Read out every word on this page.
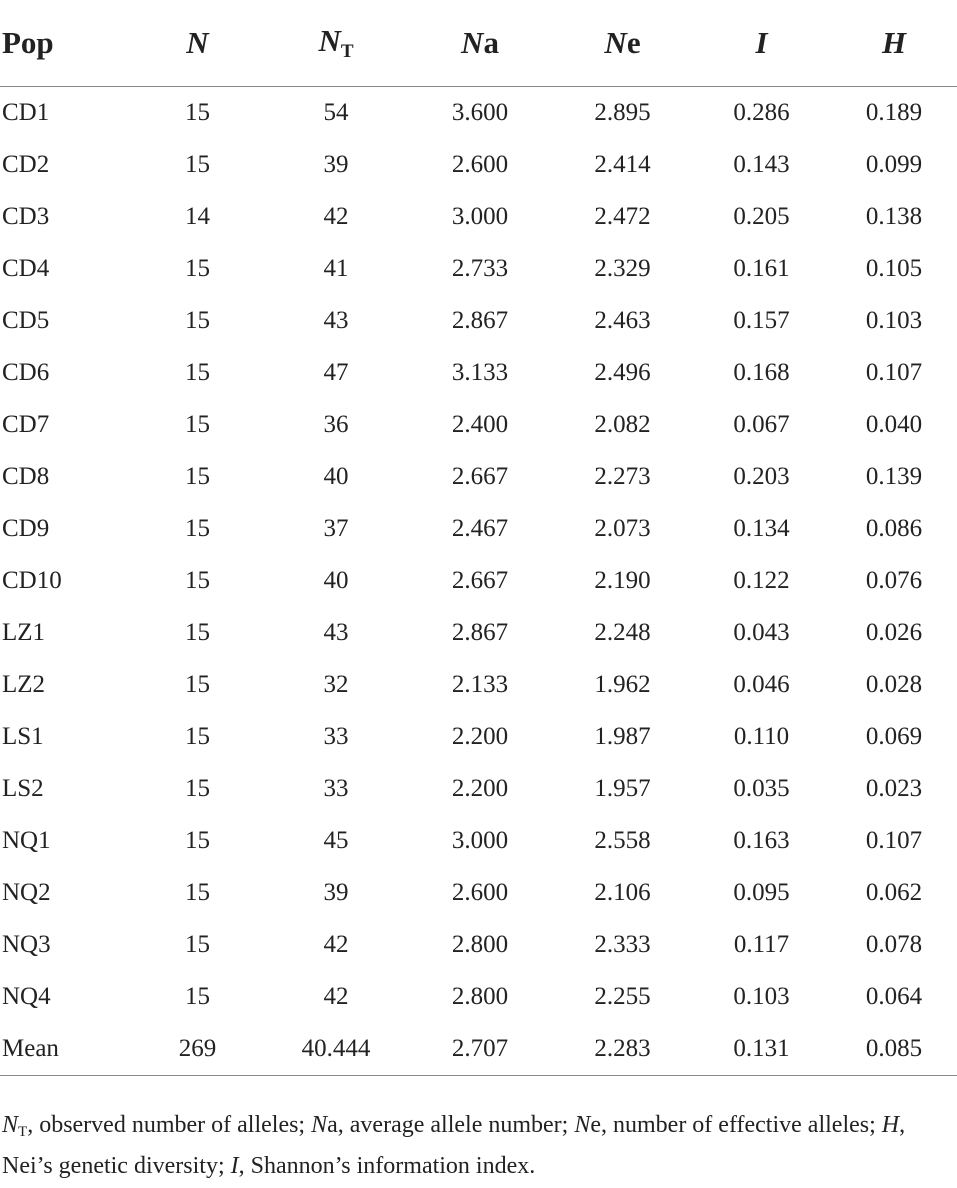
Pop	N	$N_T$	Na	Ne	I	H
CD1	15	54	3.600	2.895	0.286	0.189
CD2	15	39	2.600	2.414	0.143	0.099
CD3	14	42	3.000	2.472	0.205	0.138
CD4	15	41	2.733	2.329	0.161	0.105
CD5	15	43	2.867	2.463	0.157	0.103
CD6	15	47	3.133	2.496	0.168	0.107
CD7	15	36	2.400	2.082	0.067	0.040
CD8	15	40	2.667	2.273	0.203	0.139
CD9	15	37	2.467	2.073	0.134	0.086
CD10	15	40	2.667	2.190	0.122	0.076
LZ1	15	43	2.867	2.248	0.043	0.026
LZ2	15	32	2.133	1.962	0.046	0.028
LS1	15	33	2.200	1.987	0.110	0.069
LS2	15	33	2.200	1.957	0.035	0.023
NQ1	15	45	3.000	2.558	0.163	0.107
NQ2	15	39	2.600	2.106	0.095	0.062
NQ3	15	42	2.800	2.333	0.117	0.078
NQ4	15	42	2.800	2.255	0.103	0.064
Mean	269	40.444	2.707	2.283	0.131	0.085
NT, observed number of alleles; Na, average allele number; Ne, number of effective alleles; H, Nei’s genetic diversity; I, Shannon’s information index.
